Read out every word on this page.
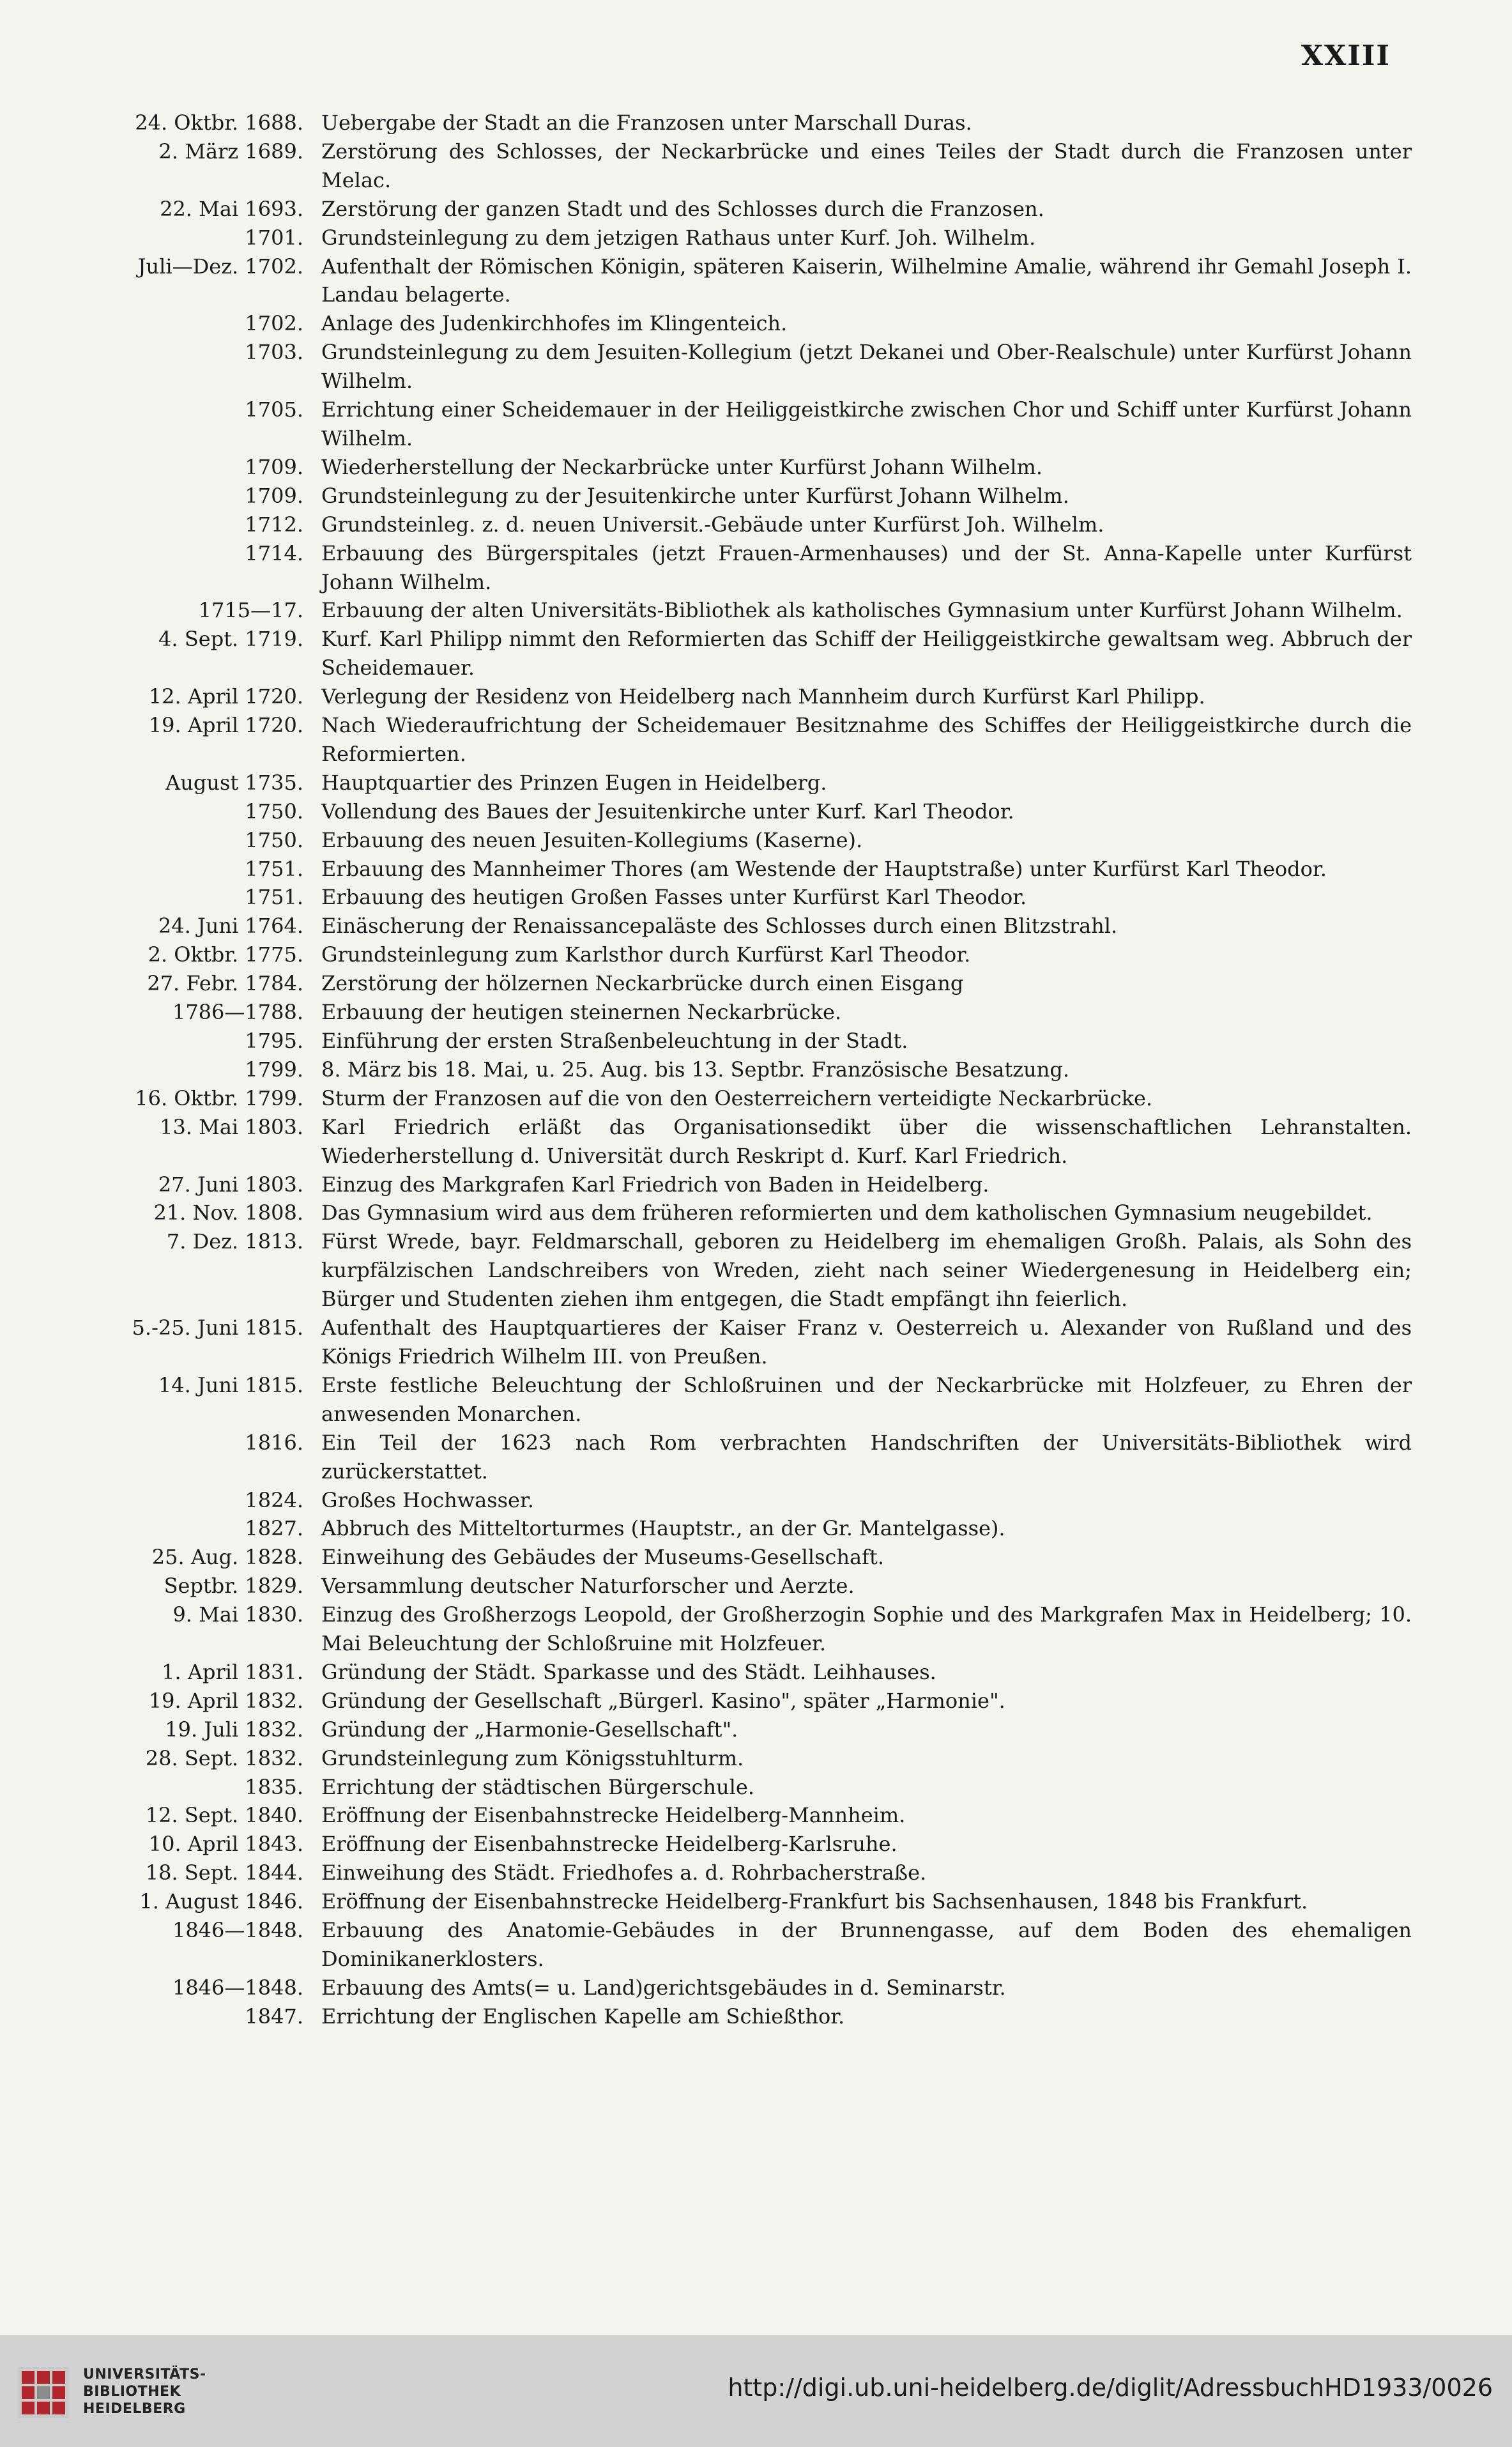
XXIII
24. Oktbr. 1688. Uebergabe der Stadt an die Franzosen unter Marschall Duras.
2. März 1689. Zerstörung des Schlosses, der Neckarbrücke und eines Teiles der Stadt durch die Franzosen unter Melac.
22. Mai 1693. Zerstörung der ganzen Stadt und des Schlosses durch die Franzosen.
1701. Grundsteinlegung zu dem jetzigen Rathaus unter Kurf. Joh. Wilhelm.
Juli—Dez. 1702. Aufenthalt der Römischen Königin, späteren Kaiserin, Wilhelmine Amalie, während ihr Gemahl Joseph I. Landau belagerte.
1702. Anlage des Judenkirchhofes im Klingenteich.
1703. Grundsteinlegung zu dem Jesuiten-Kollegium (jetzt Dekanei und Ober-Realschule) unter Kurfürst Johann Wilhelm.
1705. Errichtung einer Scheidemauer in der Heiliggeistkirche zwischen Chor und Schiff unter Kurfürst Johann Wilhelm.
1709. Wiederherstellung der Neckarbrücke unter Kurfürst Johann Wilhelm.
1709. Grundsteinlegung zu der Jesuitenkirche unter Kurfürst Johann Wilhelm.
1712. Grundsteinleg. z. d. neuen Universit.-Gebäude unter Kurfürst Joh. Wilhelm.
1714. Erbauung des Bürgerspitales (jetzt Frauen-Armenhauses) und der St. Anna-Kapelle unter Kurfürst Johann Wilhelm.
1715—17. Erbauung der alten Universitäts-Bibliothek als katholisches Gymnasium unter Kurfürst Johann Wilhelm.
4. Sept. 1719. Kurf. Karl Philipp nimmt den Reformierten das Schiff der Heiliggeistkirche gewaltsam weg. Abbruch der Scheidemauer.
12. April 1720. Verlegung der Residenz von Heidelberg nach Mannheim durch Kurfürst Karl Philipp.
19. April 1720. Nach Wiederaufrichtung der Scheidemauer Besitznahme des Schiffes der Heiliggeistkirche durch die Reformierten.
August 1735. Hauptquartier des Prinzen Eugen in Heidelberg.
1750. Vollendung des Baues der Jesuitenkirche unter Kurf. Karl Theodor.
1750. Erbauung des neuen Jesuiten-Kollegiums (Kaserne).
1751. Erbauung des Mannheimer Thores (am Westende der Hauptstraße) unter Kurfürst Karl Theodor.
1751. Erbauung des heutigen Großen Fasses unter Kurfürst Karl Theodor.
24. Juni 1764. Einäscherung der Renaissancepaläste des Schlosses durch einen Blitzstrahl.
2. Oktbr. 1775. Grundsteinlegung zum Karlsthor durch Kurfürst Karl Theodor.
27. Febr. 1784. Zerstörung der hölzernen Neckarbrücke durch einen Eisgang
1786—1788. Erbauung der heutigen steinernen Neckarbrücke.
1795. Einführung der ersten Straßenbeleuchtung in der Stadt.
1799. 8. März bis 18. Mai, u. 25. Aug. bis 13. Septbr. Französische Besatzung.
16. Oktbr. 1799. Sturm der Franzosen auf die von den Oesterreichern verteidigte Neckarbrücke.
13. Mai 1803. Karl Friedrich erläßt das Organisationsedikt über die wissenschaftlichen Lehranstalten. Wiederherstellung d. Universität durch Reskript d. Kurf. Karl Friedrich.
27. Juni 1803. Einzug des Markgrafen Karl Friedrich von Baden in Heidelberg.
21. Nov. 1808. Das Gymnasium wird aus dem früheren reformierten und dem katholischen Gymnasium neugebildet.
7. Dez. 1813. Fürst Wrede, bayr. Feldmarschall, geboren zu Heidelberg im ehemaligen Großh. Palais, als Sohn des kurpfälzischen Landschreibers von Wreden, zieht nach seiner Wiedergenesung in Heidelberg ein; Bürger und Studenten ziehen ihm entgegen, die Stadt empfängt ihn feierlich.
5.-25. Juni 1815. Aufenthalt des Hauptquartieres der Kaiser Franz v. Oesterreich u. Alexander von Rußland und des Königs Friedrich Wilhelm III. von Preußen.
14. Juni 1815. Erste festliche Beleuchtung der Schloßruinen und der Neckarbrücke mit Holzfeuer, zu Ehren der anwesenden Monarchen.
1816. Ein Teil der 1623 nach Rom verbrachten Handschriften der Universitäts-Bibliothek wird zurückerstattet.
1824. Großes Hochwasser.
1827. Abbruch des Mitteltorturmes (Hauptstr., an der Gr. Mantelgasse).
25. Aug. 1828. Einweihung des Gebäudes der Museums-Gesellschaft.
Septbr. 1829. Versammlung deutscher Naturforscher und Aerzte.
9. Mai 1830. Einzug des Großherzogs Leopold, der Großherzogin Sophie und des Markgrafen Max in Heidelberg; 10. Mai Beleuchtung der Schloßruine mit Holzfeuer.
1. April 1831. Gründung der Städt. Sparkasse und des Städt. Leihhauses.
19. April 1832. Gründung der Gesellschaft „Bürgerl. Kasino", später „Harmonie".
19. Juli 1832. Gründung der „Harmonie-Gesellschaft".
28. Sept. 1832. Grundsteinlegung zum Königsstuhlturm.
1835. Errichtung der städtischen Bürgerschule.
12. Sept. 1840. Eröffnung der Eisenbahnstrecke Heidelberg-Mannheim.
10. April 1843. Eröffnung der Eisenbahnstrecke Heidelberg-Karlsruhe.
18. Sept. 1844. Einweihung des Städt. Friedhofes a. d. Rohrbacherstraße.
1. August 1846. Eröffnung der Eisenbahnstrecke Heidelberg-Frankfurt bis Sachsenhausen, 1848 bis Frankfurt.
1846—1848. Erbauung des Anatomie-Gebäudes in der Brunnengasse, auf dem Boden des ehemaligen Dominikanerklosters.
1846—1848. Erbauung des Amts(= u. Land)gerichtsgebäudes in d. Seminarstr.
1847. Errichtung der Englischen Kapelle am Schießthor.
UNIVERSITÄTS-
BIBLIOTHEK
HEIDELBERG
http://digi.ub.uni-heidelberg.de/diglit/AdressbuchHD1933/0026
